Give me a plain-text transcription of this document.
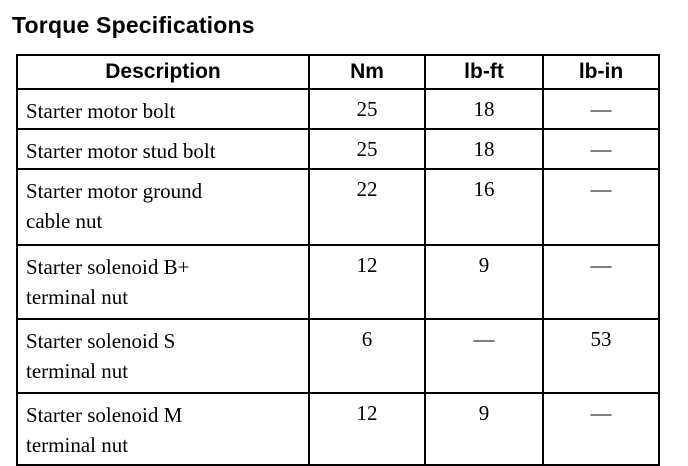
Torque Specifications
Description	Nm	lb-ft	lb-in

Starter motor bolt	25	18	—

Starter motor stud bolt	25	18	—

Starter motor ground
cable nut	22	16	—

Starter solenoid B+
terminal nut	12	9	—

Starter solenoid S
terminal nut	6	—	53

Starter solenoid M
terminal nut	12	9	—
